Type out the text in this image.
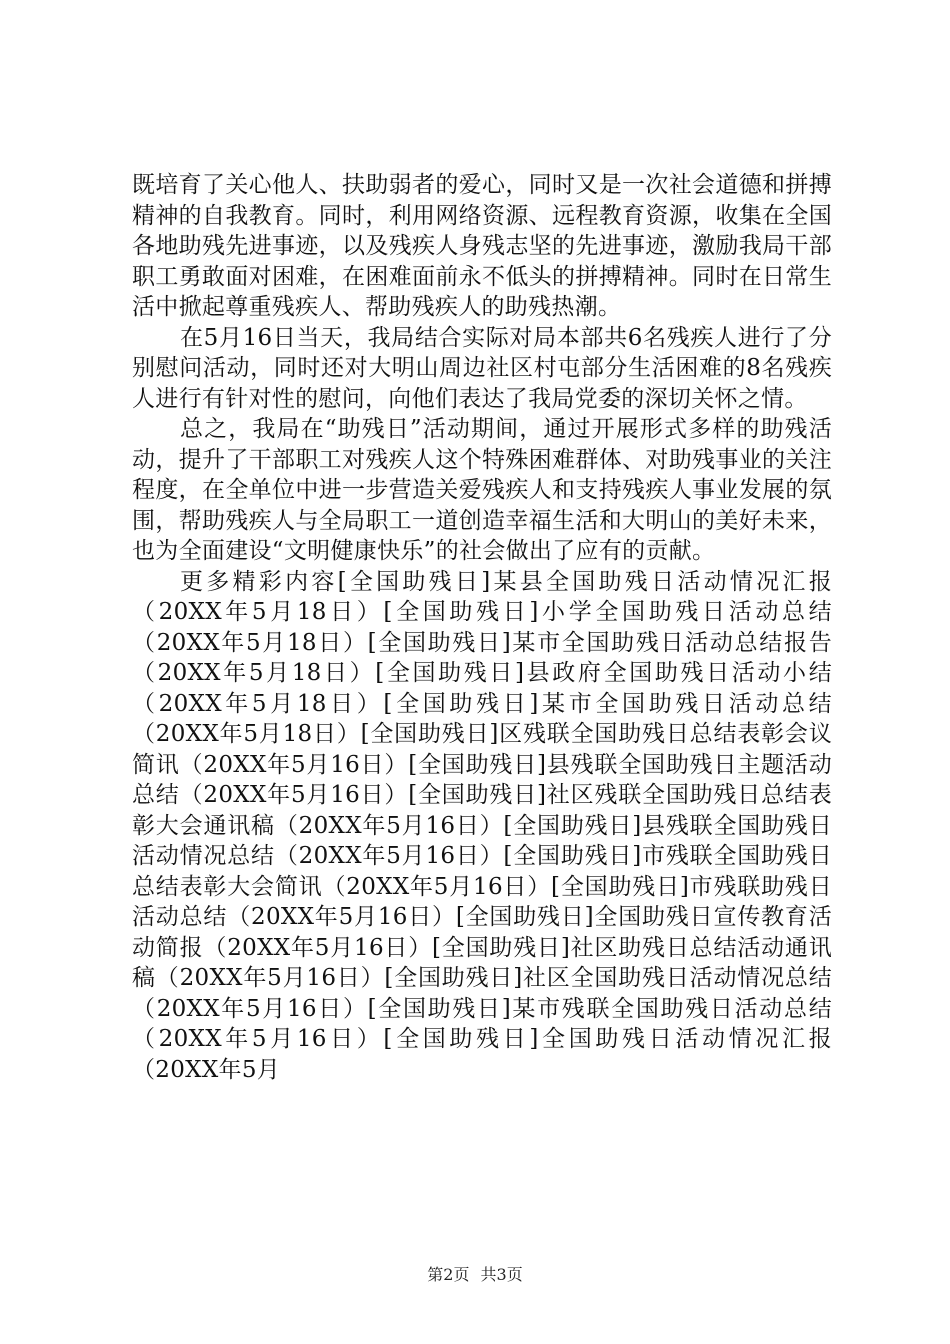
既培育了关心他人、扶助弱者的爱心，同时又是一次社会道德和拼搏精神的自我教育。同时，利用网络资源、远程教育资源，收集在全国各地助残先进事迹，以及残疾人身残志坚的先进事迹，激励我局干部职工勇敢面对困难，在困难面前永不低头的拼搏精神。同时在日常生活中掀起尊重残疾人、帮助残疾人的助残热潮。

在5月16日当天，我局结合实际对局本部共6名残疾人进行了分别慰问活动，同时还对大明山周边社区村屯部分生活困难的8名残疾人进行有针对性的慰问，向他们表达了我局党委的深切关怀之情。

总之，我局在“助残日”活动期间，通过开展形式多样的助残活动，提升了干部职工对残疾人这个特殊困难群体、对助残事业的关注程度，在全单位中进一步营造关爱残疾人和支持残疾人事业发展的氛围，帮助残疾人与全局职工一道创造幸福生活和大明山的美好未来，也为全面建设“文明健康快乐”的社会做出了应有的贡献。

更多精彩内容[全国助残日]某县全国助残日活动情况汇报（20XX年5月18日）[全国助残日]小学全国助残日活动总结（20XX年5月18日）[全国助残日]某市全国助残日活动总结报告（20XX年5月18日）[全国助残日]县政府全国助残日活动小结（20XX年5月18日）[全国助残日]某市全国助残日活动总结（20XX年5月18日）[全国助残日]区残联全国助残日总结表彰会议简讯（20XX年5月16日）[全国助残日]县残联全国助残日主题活动总结（20XX年5月16日）[全国助残日]社区残联全国助残日总结表彰大会通讯稿（20XX年5月16日）[全国助残日]县残联全国助残日活动情况总结（20XX年5月16日）[全国助残日]市残联全国助残日总结表彰大会简讯（20XX年5月16日）[全国助残日]市残联助残日活动总结（20XX年5月16日）[全国助残日]全国助残日宣传教育活动简报（20XX年5月16日）[全国助残日]社区助残日总结活动通讯稿（20XX年5月16日）[全国助残日]社区全国助残日活动情况总结（20XX年5月16日）[全国助残日]某市残联全国助残日活动总结（20XX年5月16日）[全国助残日]全国助残日活动情况汇报（20XX年5月

第2页 共3页
